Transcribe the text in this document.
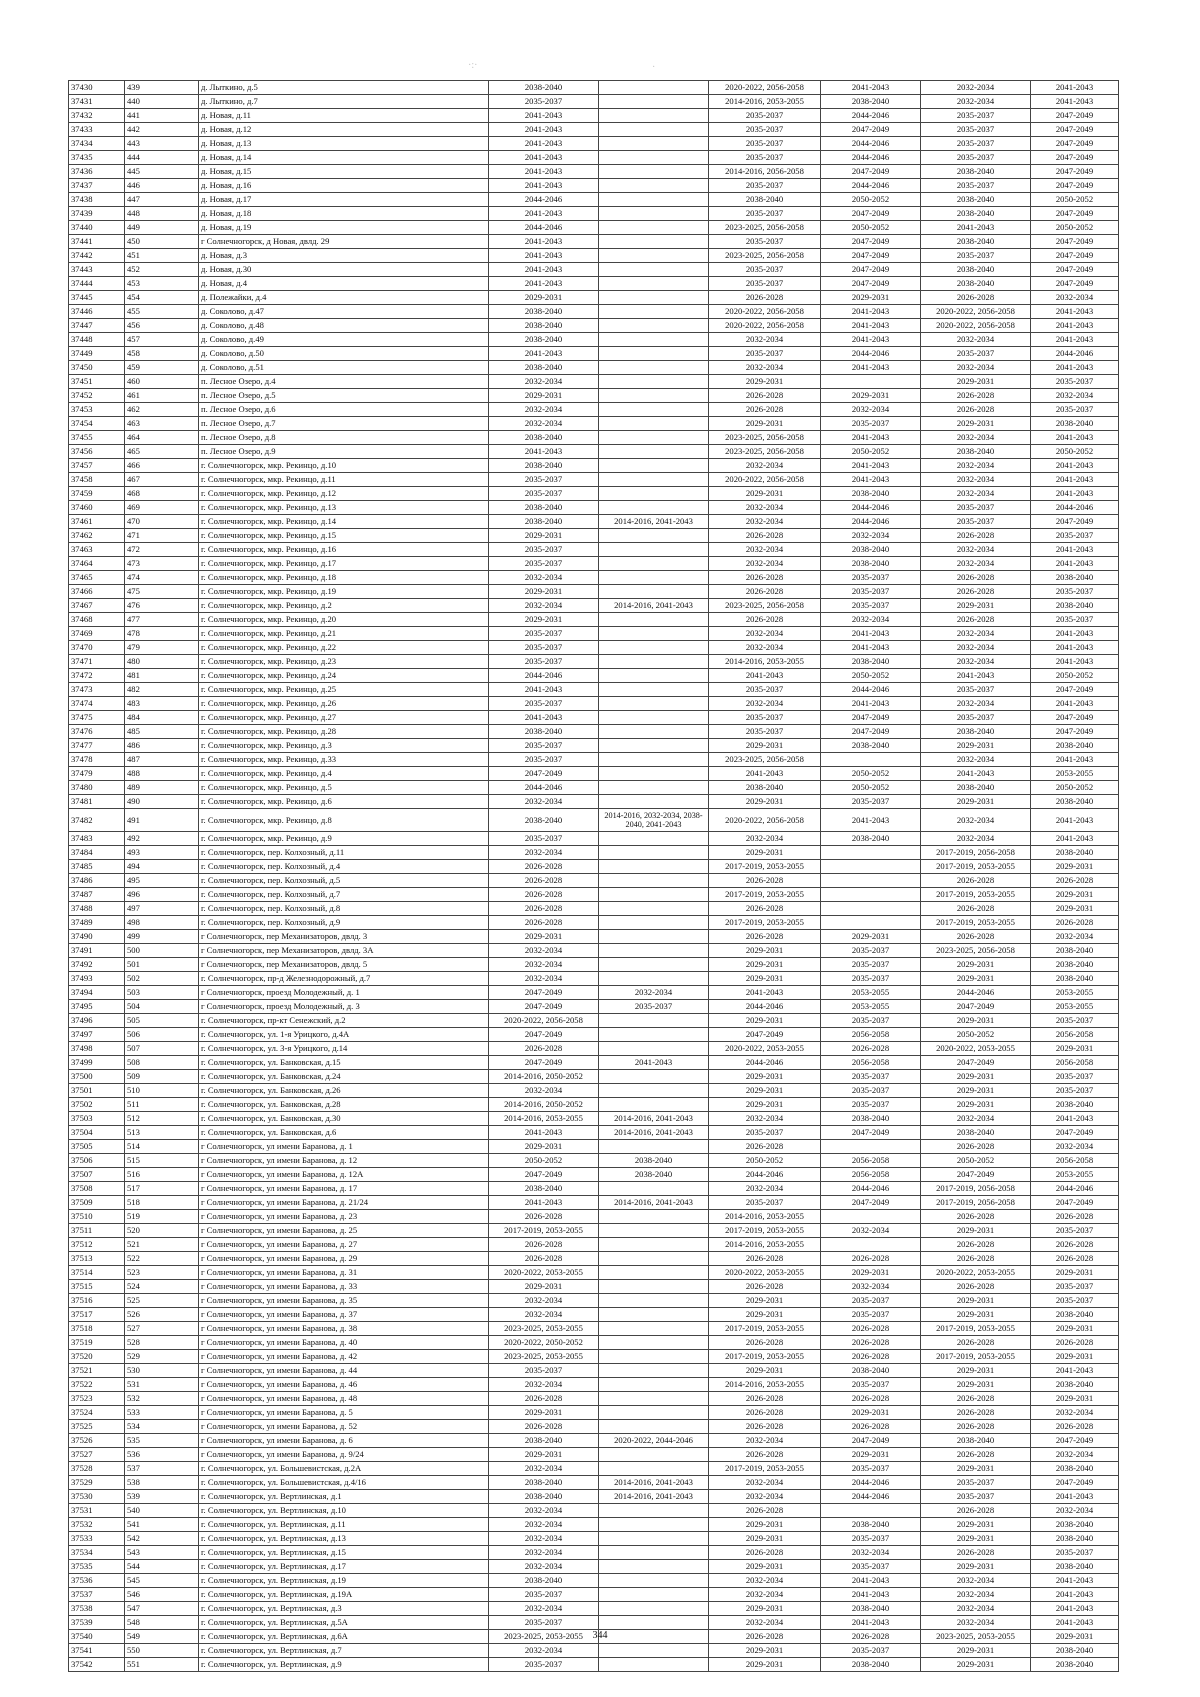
·:·	·
37430	439	д. Лыткино, д.5	2038-2040		2020-2022, 2056-2058	2041-2043	2032-2034	2041-2043
37431	440	д. Лыткино, д.7	2035-2037		2014-2016, 2053-2055	2038-2040	2032-2034	2041-2043
37432	441	д. Новая, д.11	2041-2043		2035-2037	2044-2046	2035-2037	2047-2049
37433	442	д. Новая, д.12	2041-2043		2035-2037	2047-2049	2035-2037	2047-2049
37434	443	д. Новая, д.13	2041-2043		2035-2037	2044-2046	2035-2037	2047-2049
37435	444	д. Новая, д.14	2041-2043		2035-2037	2044-2046	2035-2037	2047-2049
37436	445	д. Новая, д.15	2041-2043		2014-2016, 2056-2058	2047-2049	2038-2040	2047-2049
37437	446	д. Новая, д.16	2041-2043		2035-2037	2044-2046	2035-2037	2047-2049
37438	447	д. Новая, д.17	2044-2046		2038-2040	2050-2052	2038-2040	2050-2052
37439	448	д. Новая, д.18	2041-2043		2035-2037	2047-2049	2038-2040	2047-2049
37440	449	д. Новая, д.19	2044-2046		2023-2025, 2056-2058	2050-2052	2041-2043	2050-2052
37441	450	г Солнечногорск, д Новая, двлд. 29	2041-2043		2035-2037	2047-2049	2038-2040	2047-2049
37442	451	д. Новая, д.3	2041-2043		2023-2025, 2056-2058	2047-2049	2035-2037	2047-2049
37443	452	д. Новая, д.30	2041-2043		2035-2037	2047-2049	2038-2040	2047-2049
37444	453	д. Новая, д.4	2041-2043		2035-2037	2047-2049	2038-2040	2047-2049
37445	454	д. Полежайки, д.4	2029-2031		2026-2028	2029-2031	2026-2028	2032-2034
37446	455	д. Соколово, д.47	2038-2040		2020-2022, 2056-2058	2041-2043	2020-2022, 2056-2058	2041-2043
37447	456	д. Соколово, д.48	2038-2040		2020-2022, 2056-2058	2041-2043	2020-2022, 2056-2058	2041-2043
37448	457	д. Соколово, д.49	2038-2040		2032-2034	2041-2043	2032-2034	2041-2043
37449	458	д. Соколово, д.50	2041-2043		2035-2037	2044-2046	2035-2037	2044-2046
37450	459	д. Соколово, д.51	2038-2040		2032-2034	2041-2043	2032-2034	2041-2043
37451	460	п. Лесное Озеро, д.4	2032-2034		2029-2031		2029-2031	2035-2037
37452	461	п. Лесное Озеро, д.5	2029-2031		2026-2028	2029-2031	2026-2028	2032-2034
37453	462	п. Лесное Озеро, д.6	2032-2034		2026-2028	2032-2034	2026-2028	2035-2037
37454	463	п. Лесное Озеро, д.7	2032-2034		2029-2031	2035-2037	2029-2031	2038-2040
37455	464	п. Лесное Озеро, д.8	2038-2040		2023-2025, 2056-2058	2041-2043	2032-2034	2041-2043
37456	465	п. Лесное Озеро, д.9	2041-2043		2023-2025, 2056-2058	2050-2052	2038-2040	2050-2052
37457	466	г. Солнечногорск, мкр. Рекинцо, д.10	2038-2040		2032-2034	2041-2043	2032-2034	2041-2043
37458	467	г. Солнечногорск, мкр. Рекинцо, д.11	2035-2037		2020-2022, 2056-2058	2041-2043	2032-2034	2041-2043
37459	468	г. Солнечногорск, мкр. Рекинцо, д.12	2035-2037		2029-2031	2038-2040	2032-2034	2041-2043
37460	469	г. Солнечногорск, мкр. Рекинцо, д.13	2038-2040		2032-2034	2044-2046	2035-2037	2044-2046
37461	470	г. Солнечногорск, мкр. Рекинцо, д.14	2038-2040	2014-2016, 2041-2043	2032-2034	2044-2046	2035-2037	2047-2049
37462	471	г. Солнечногорск, мкр. Рекинцо, д.15	2029-2031		2026-2028	2032-2034	2026-2028	2035-2037
37463	472	г. Солнечногорск, мкр. Рекинцо, д.16	2035-2037		2032-2034	2038-2040	2032-2034	2041-2043
37464	473	г. Солнечногорск, мкр. Рекинцо, д.17	2035-2037		2032-2034	2038-2040	2032-2034	2041-2043
37465	474	г. Солнечногорск, мкр. Рекинцо, д.18	2032-2034		2026-2028	2035-2037	2026-2028	2038-2040
37466	475	г. Солнечногорск, мкр. Рекинцо, д.19	2029-2031		2026-2028	2035-2037	2026-2028	2035-2037
37467	476	г. Солнечногорск, мкр. Рекинцо, д.2	2032-2034	2014-2016, 2041-2043	2023-2025, 2056-2058	2035-2037	2029-2031	2038-2040
37468	477	г. Солнечногорск, мкр. Рекинцо, д.20	2029-2031		2026-2028	2032-2034	2026-2028	2035-2037
37469	478	г. Солнечногорск, мкр. Рекинцо, д.21	2035-2037		2032-2034	2041-2043	2032-2034	2041-2043
37470	479	г. Солнечногорск, мкр. Рекинцо, д.22	2035-2037		2032-2034	2041-2043	2032-2034	2041-2043
37471	480	г. Солнечногорск, мкр. Рекинцо, д.23	2035-2037		2014-2016, 2053-2055	2038-2040	2032-2034	2041-2043
37472	481	г. Солнечногорск, мкр. Рекинцо, д.24	2044-2046		2041-2043	2050-2052	2041-2043	2050-2052
37473	482	г. Солнечногорск, мкр. Рекинцо, д.25	2041-2043		2035-2037	2044-2046	2035-2037	2047-2049
37474	483	г. Солнечногорск, мкр. Рекинцо, д.26	2035-2037		2032-2034	2041-2043	2032-2034	2041-2043
37475	484	г. Солнечногорск, мкр. Рекинцо, д.27	2041-2043		2035-2037	2047-2049	2035-2037	2047-2049
37476	485	г. Солнечногорск, мкр. Рекинцо, д.28	2038-2040		2035-2037	2047-2049	2038-2040	2047-2049
37477	486	г. Солнечногорск, мкр. Рекинцо, д.3	2035-2037		2029-2031	2038-2040	2029-2031	2038-2040
37478	487	г. Солнечногорск, мкр. Рекинцо, д.33	2035-2037		2023-2025, 2056-2058		2032-2034	2041-2043
37479	488	г. Солнечногорск, мкр. Рекинцо, д.4	2047-2049		2041-2043	2050-2052	2041-2043	2053-2055
37480	489	г. Солнечногорск, мкр. Рекинцо, д.5	2044-2046		2038-2040	2050-2052	2038-2040	2050-2052
37481	490	г. Солнечногорск, мкр. Рекинцо, д.6	2032-2034		2029-2031	2035-2037	2029-2031	2038-2040
37482	491	г. Солнечногорск, мкр. Рекинцо, д.8	2038-2040	2014-2016, 2032-2034, 2038-2040, 2041-2043	2020-2022, 2056-2058	2041-2043	2032-2034	2041-2043
37483	492	г. Солнечногорск, мкр. Рекинцо, д.9	2035-2037		2032-2034	2038-2040	2032-2034	2041-2043
37484	493	г. Солнечногорск, пер. Колхозный, д.11	2032-2034		2029-2031		2017-2019, 2056-2058	2038-2040
37485	494	г. Солнечногорск, пер. Колхозный, д.4	2026-2028		2017-2019, 2053-2055		2017-2019, 2053-2055	2029-2031
37486	495	г. Солнечногорск, пер. Колхозный, д.5	2026-2028		2026-2028		2026-2028	2026-2028
37487	496	г. Солнечногорск, пер. Колхозный, д.7	2026-2028		2017-2019, 2053-2055		2017-2019, 2053-2055	2029-2031
37488	497	г. Солнечногорск, пер. Колхозный, д.8	2026-2028		2026-2028		2026-2028	2029-2031
37489	498	г. Солнечногорск, пер. Колхозный, д.9	2026-2028		2017-2019, 2053-2055		2017-2019, 2053-2055	2026-2028
37490	499	г Солнечногорск, пер Механизаторов, двлд. 3	2029-2031		2026-2028	2029-2031	2026-2028	2032-2034
37491	500	г Солнечногорск, пер Механизаторов, двлд. 3А	2032-2034		2029-2031	2035-2037	2023-2025, 2056-2058	2038-2040
37492	501	г Солнечногорск, пер Механизаторов, двлд. 5	2032-2034		2029-2031	2035-2037	2029-2031	2038-2040
37493	502	г. Солнечногорск, пр-д Железнодорожный, д.7	2032-2034		2029-2031	2035-2037	2029-2031	2038-2040
37494	503	г Солнечногорск, проезд Молодежный, д. 1	2047-2049	2032-2034	2041-2043	2053-2055	2044-2046	2053-2055
37495	504	г Солнечногорск, проезд Молодежный, д. 3	2047-2049	2035-2037	2044-2046	2053-2055	2047-2049	2053-2055
37496	505	г. Солнечногорск, пр-кт Сенежский, д.2	2020-2022, 2056-2058		2029-2031	2035-2037	2029-2031	2035-2037
37497	506	г. Солнечногорск, ул. 1-я Урицкого, д.4А	2047-2049		2047-2049	2056-2058	2050-2052	2056-2058
37498	507	г. Солнечногорск, ул. 3-я Урицкого, д.14	2026-2028		2020-2022, 2053-2055	2026-2028	2020-2022, 2053-2055	2029-2031
37499	508	г. Солнечногорск, ул. Банковская, д.15	2047-2049	2041-2043	2044-2046	2056-2058	2047-2049	2056-2058
37500	509	г. Солнечногорск, ул. Банковская, д.24	2014-2016, 2050-2052		2029-2031	2035-2037	2029-2031	2035-2037
37501	510	г. Солнечногорск, ул. Банковская, д.26	2032-2034		2029-2031	2035-2037	2029-2031	2035-2037
37502	511	г. Солнечногорск, ул. Банковская, д.28	2014-2016, 2050-2052		2029-2031	2035-2037	2029-2031	2038-2040
37503	512	г. Солнечногорск, ул. Банковская, д.30	2014-2016, 2053-2055	2014-2016, 2041-2043	2032-2034	2038-2040	2032-2034	2041-2043
37504	513	г. Солнечногорск, ул. Банковская, д.6	2041-2043	2014-2016, 2041-2043	2035-2037	2047-2049	2038-2040	2047-2049
37505	514	г Солнечногорск, ул имени Баранова, д. 1	2029-2031		2026-2028		2026-2028	2032-2034
37506	515	г Солнечногорск, ул имени Баранова, д. 12	2050-2052	2038-2040	2050-2052	2056-2058	2050-2052	2056-2058
37507	516	г Солнечногорск, ул имени Баранова, д. 12А	2047-2049	2038-2040	2044-2046	2056-2058	2047-2049	2053-2055
37508	517	г Солнечногорск, ул имени Баранова, д. 17	2038-2040		2032-2034	2044-2046	2017-2019, 2056-2058	2044-2046
37509	518	г Солнечногорск, ул имени Баранова, д. 21/24	2041-2043	2014-2016, 2041-2043	2035-2037	2047-2049	2017-2019, 2056-2058	2047-2049
37510	519	г Солнечногорск, ул имени Баранова, д. 23	2026-2028		2014-2016, 2053-2055		2026-2028	2026-2028
37511	520	г Солнечногорск, ул имени Баранова, д. 25	2017-2019, 2053-2055		2017-2019, 2053-2055	2032-2034	2029-2031	2035-2037
37512	521	г Солнечногорск, ул имени Баранова, д. 27	2026-2028		2014-2016, 2053-2055		2026-2028	2026-2028
37513	522	г Солнечногорск, ул имени Баранова, д. 29	2026-2028		2026-2028	2026-2028	2026-2028	2026-2028
37514	523	г Солнечногорск, ул имени Баранова, д. 31	2020-2022, 2053-2055		2020-2022, 2053-2055	2029-2031	2020-2022, 2053-2055	2029-2031
37515	524	г Солнечногорск, ул имени Баранова, д. 33	2029-2031		2026-2028	2032-2034	2026-2028	2035-2037
37516	525	г Солнечногорск, ул имени Баранова, д. 35	2032-2034		2029-2031	2035-2037	2029-2031	2035-2037
37517	526	г Солнечногорск, ул имени Баранова, д. 37	2032-2034		2029-2031	2035-2037	2029-2031	2038-2040
37518	527	г Солнечногорск, ул имени Баранова, д. 38	2023-2025, 2053-2055		2017-2019, 2053-2055	2026-2028	2017-2019, 2053-2055	2029-2031
37519	528	г Солнечногорск, ул имени Баранова, д. 40	2020-2022, 2050-2052		2026-2028	2026-2028	2026-2028	2026-2028
37520	529	г Солнечногорск, ул имени Баранова, д. 42	2023-2025, 2053-2055		2017-2019, 2053-2055	2026-2028	2017-2019, 2053-2055	2029-2031
37521	530	г Солнечногорск, ул имени Баранова, д. 44	2035-2037		2029-2031	2038-2040	2029-2031	2041-2043
37522	531	г Солнечногорск, ул имени Баранова, д. 46	2032-2034		2014-2016, 2053-2055	2035-2037	2029-2031	2038-2040
37523	532	г Солнечногорск, ул имени Баранова, д. 48	2026-2028		2026-2028	2026-2028	2026-2028	2029-2031
37524	533	г Солнечногорск, ул имени Баранова, д. 5	2029-2031		2026-2028	2029-2031	2026-2028	2032-2034
37525	534	г Солнечногорск, ул имени Баранова, д. 52	2026-2028		2026-2028	2026-2028	2026-2028	2026-2028
37526	535	г Солнечногорск, ул имени Баранова, д. 6	2038-2040	2020-2022, 2044-2046	2032-2034	2047-2049	2038-2040	2047-2049
37527	536	г Солнечногорск, ул имени Баранова, д. 9/24	2029-2031		2026-2028	2029-2031	2026-2028	2032-2034
37528	537	г. Солнечногорск, ул. Большевистская, д.2А	2032-2034		2017-2019, 2053-2055	2035-2037	2029-2031	2038-2040
37529	538	г. Солнечногорск, ул. Большевистская, д.4/16	2038-2040	2014-2016, 2041-2043	2032-2034	2044-2046	2035-2037	2047-2049
37530	539	г. Солнечногорск, ул. Вертлинская, д.1	2038-2040	2014-2016, 2041-2043	2032-2034	2044-2046	2035-2037	2041-2043
37531	540	г. Солнечногорск, ул. Вертлинская, д.10	2032-2034		2026-2028		2026-2028	2032-2034
37532	541	г. Солнечногорск, ул. Вертлинская, д.11	2032-2034		2029-2031	2038-2040	2029-2031	2038-2040
37533	542	г. Солнечногорск, ул. Вертлинская, д.13	2032-2034		2029-2031	2035-2037	2029-2031	2038-2040
37534	543	г. Солнечногорск, ул. Вертлинская, д.15	2032-2034		2026-2028	2032-2034	2026-2028	2035-2037
37535	544	г. Солнечногорск, ул. Вертлинская, д.17	2032-2034		2029-2031	2035-2037	2029-2031	2038-2040
37536	545	г. Солнечногорск, ул. Вертлинская, д.19	2038-2040		2032-2034	2041-2043	2032-2034	2041-2043
37537	546	г. Солнечногорск, ул. Вертлинская, д.19А	2035-2037		2032-2034	2041-2043	2032-2034	2041-2043
37538	547	г. Солнечногорск, ул. Вертлинская, д.3	2032-2034		2029-2031	2038-2040	2032-2034	2041-2043
37539	548	г. Солнечногорск, ул. Вертлинская, д.5А	2035-2037		2032-2034	2041-2043	2032-2034	2041-2043
37540	549	г. Солнечногорск, ул. Вертлинская, д.6А	2023-2025, 2053-2055		2026-2028	2026-2028	2023-2025, 2053-2055	2029-2031
37541	550	г. Солнечногорск, ул. Вертлинская, д.7	2032-2034		2029-2031	2035-2037	2029-2031	2038-2040
37542	551	г. Солнечногорск, ул. Вертлинская, д.9	2035-2037		2029-2031	2038-2040	2029-2031	2038-2040
344
